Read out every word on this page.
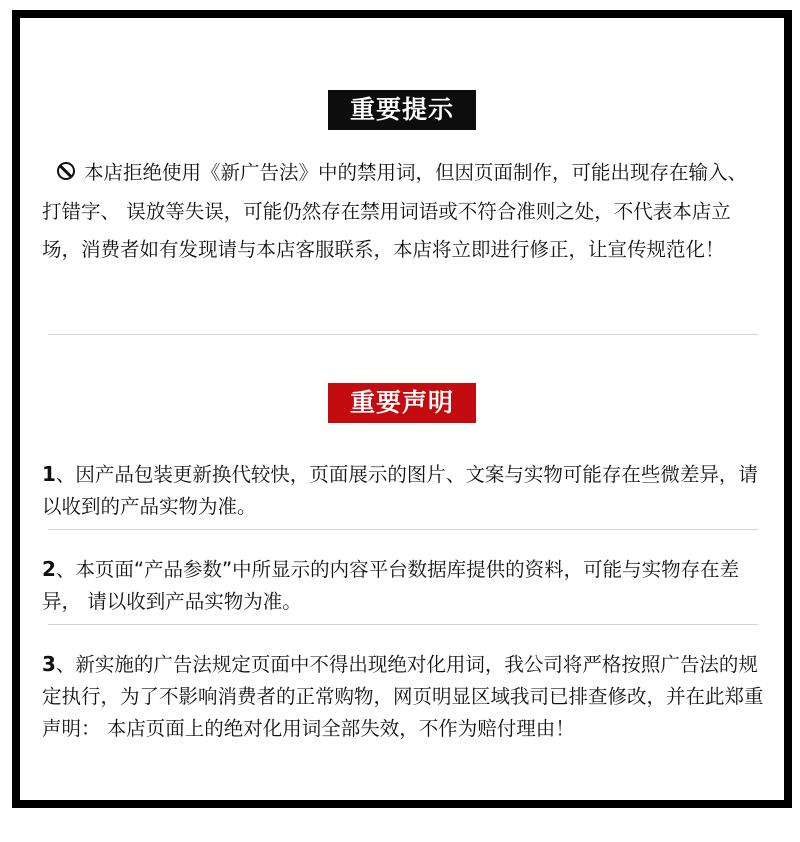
重要提示
本店拒绝使用《新广告法》中的禁用词，但因页面制作，可能出现存在输入、打错字、 误放等失误，可能仍然存在禁用词语或不符合准则之处，不代表本店立场，消费者如有发现请与本店客服联系，本店将立即进行修正，让宣传规范化！
重要声明
1、因产品包装更新换代较快，页面展示的图片、文案与实物可能存在些微差异，请以收到的产品实物为准。
2、本页面“产品参数”中所显示的内容平台数据库提供的资料，可能与实物存在差异， 请以收到产品实物为准。
3、新实施的广告法规定页面中不得出现绝对化用词，我公司将严格按照广告法的规定执行，为了不影响消费者的正常购物，网页明显区域我司已排查修改，并在此郑重声明： 本店页面上的绝对化用词全部失效，不作为赔付理由！
